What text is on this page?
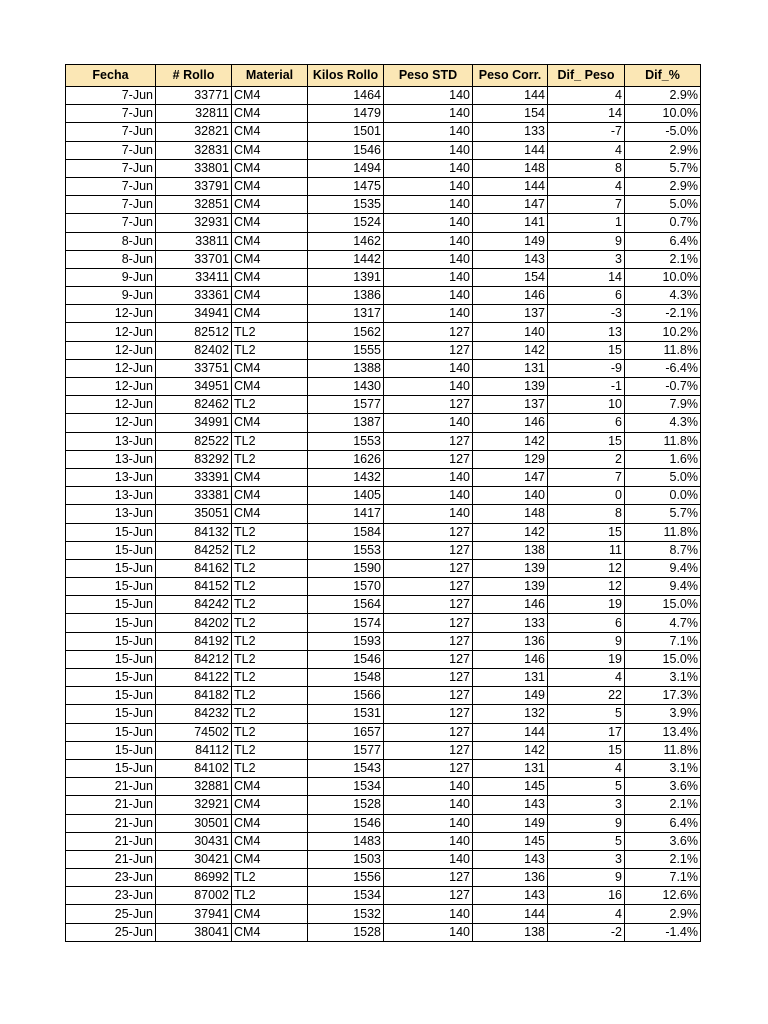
Fecha	# Rollo	Material	Kilos Rollo	Peso STD	Peso Corr.	Dif_ Peso	Dif_%
7-Jun	33771	CM4	1464	140	144	4	2.9%
7-Jun	32811	CM4	1479	140	154	14	10.0%
7-Jun	32821	CM4	1501	140	133	-7	-5.0%
7-Jun	32831	CM4	1546	140	144	4	2.9%
7-Jun	33801	CM4	1494	140	148	8	5.7%
7-Jun	33791	CM4	1475	140	144	4	2.9%
7-Jun	32851	CM4	1535	140	147	7	5.0%
7-Jun	32931	CM4	1524	140	141	1	0.7%
8-Jun	33811	CM4	1462	140	149	9	6.4%
8-Jun	33701	CM4	1442	140	143	3	2.1%
9-Jun	33411	CM4	1391	140	154	14	10.0%
9-Jun	33361	CM4	1386	140	146	6	4.3%
12-Jun	34941	CM4	1317	140	137	-3	-2.1%
12-Jun	82512	TL2	1562	127	140	13	10.2%
12-Jun	82402	TL2	1555	127	142	15	11.8%
12-Jun	33751	CM4	1388	140	131	-9	-6.4%
12-Jun	34951	CM4	1430	140	139	-1	-0.7%
12-Jun	82462	TL2	1577	127	137	10	7.9%
12-Jun	34991	CM4	1387	140	146	6	4.3%
13-Jun	82522	TL2	1553	127	142	15	11.8%
13-Jun	83292	TL2	1626	127	129	2	1.6%
13-Jun	33391	CM4	1432	140	147	7	5.0%
13-Jun	33381	CM4	1405	140	140	0	0.0%
13-Jun	35051	CM4	1417	140	148	8	5.7%
15-Jun	84132	TL2	1584	127	142	15	11.8%
15-Jun	84252	TL2	1553	127	138	11	8.7%
15-Jun	84162	TL2	1590	127	139	12	9.4%
15-Jun	84152	TL2	1570	127	139	12	9.4%
15-Jun	84242	TL2	1564	127	146	19	15.0%
15-Jun	84202	TL2	1574	127	133	6	4.7%
15-Jun	84192	TL2	1593	127	136	9	7.1%
15-Jun	84212	TL2	1546	127	146	19	15.0%
15-Jun	84122	TL2	1548	127	131	4	3.1%
15-Jun	84182	TL2	1566	127	149	22	17.3%
15-Jun	84232	TL2	1531	127	132	5	3.9%
15-Jun	74502	TL2	1657	127	144	17	13.4%
15-Jun	84112	TL2	1577	127	142	15	11.8%
15-Jun	84102	TL2	1543	127	131	4	3.1%
21-Jun	32881	CM4	1534	140	145	5	3.6%
21-Jun	32921	CM4	1528	140	143	3	2.1%
21-Jun	30501	CM4	1546	140	149	9	6.4%
21-Jun	30431	CM4	1483	140	145	5	3.6%
21-Jun	30421	CM4	1503	140	143	3	2.1%
23-Jun	86992	TL2	1556	127	136	9	7.1%
23-Jun	87002	TL2	1534	127	143	16	12.6%
25-Jun	37941	CM4	1532	140	144	4	2.9%
25-Jun	38041	CM4	1528	140	138	-2	-1.4%
